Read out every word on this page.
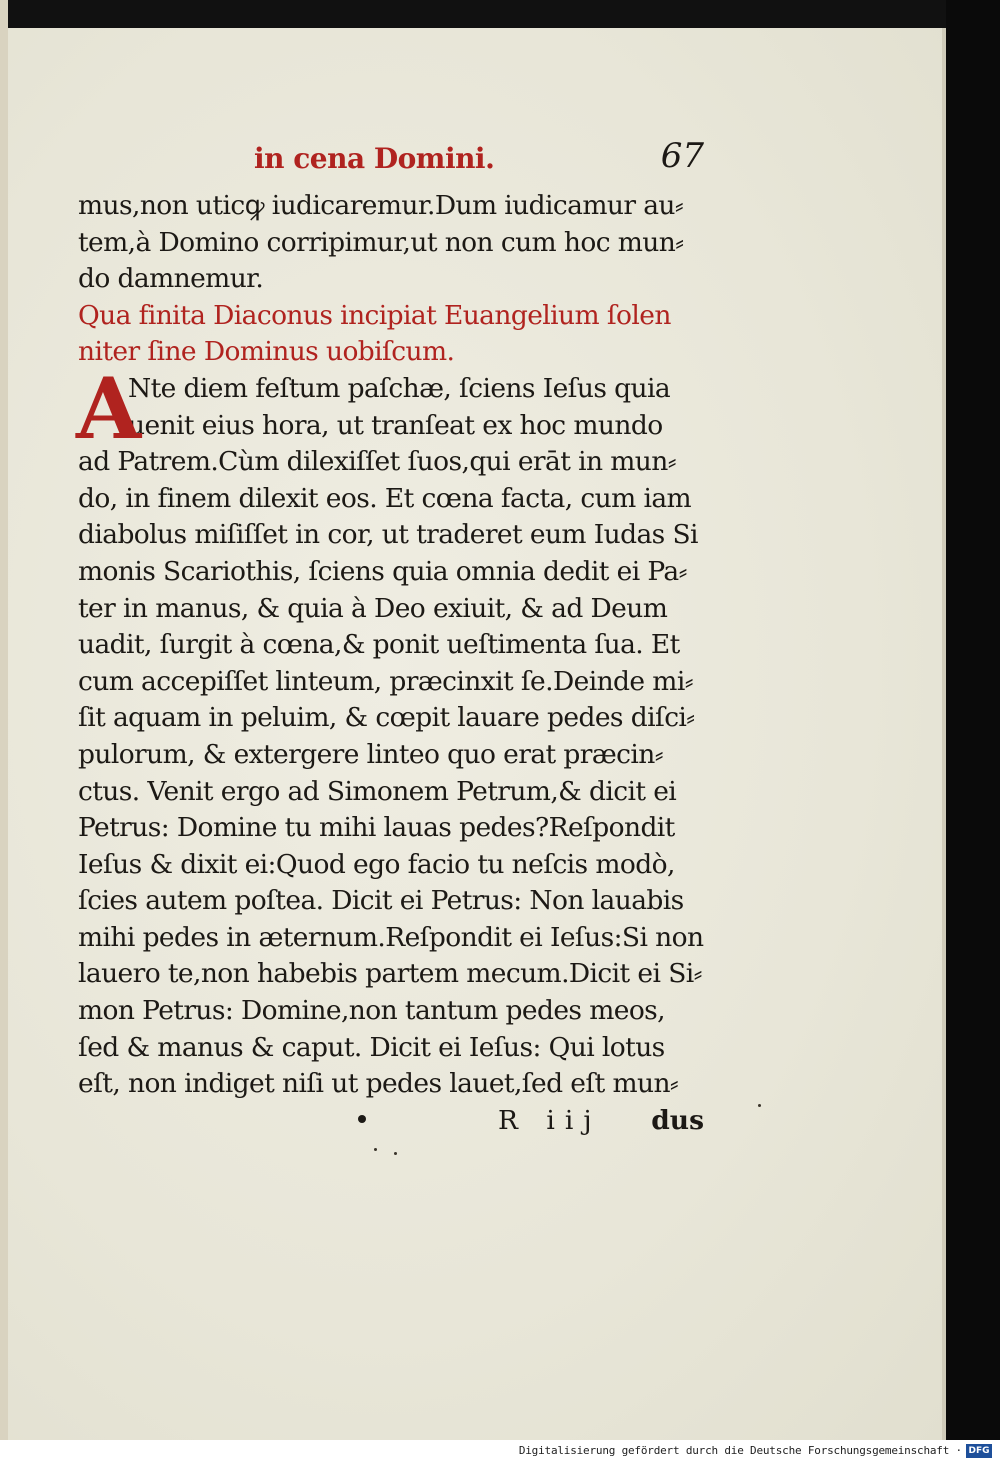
in cena Domini.	67
mus,non uticꝙ iudicaremur.Dum iudicamur au⸗
tem,à Domino corripimur,ut non cum hoc mun⸗
do damnemur.
Qua finita Diaconus incipiat Euangelium ſolen
niter ſine Dominus uobiſcum.
A
Nte diem feſtum paſchæ, ſciens Ieſus quia
uenit eius hora, ut tranſeat ex hoc mundo
ad Patrem.Cùm dilexiſſet ſuos,qui erāt in mun⸗
do, in finem dilexit eos. Et cœna facta, cum iam
diabolus miſiſſet in cor, ut traderet eum Iudas Si
monis Scariothis, ſciens quia omnia dedit ei Pa⸗
ter in manus, & quia à Deo exiuit, & ad Deum
uadit, ſurgit à cœna,& ponit ueſtimenta ſua. Et
cum accepiſſet linteum, præcinxit ſe.Deinde mi⸗
ſit aquam in peluim, & cœpit lauare pedes diſci⸗
pulorum, & extergere linteo quo erat præcin⸗
ctus. Venit ergo ad Simonem Petrum,& dicit ei
Petrus: Domine tu mihi lauas pedes?Reſpondit
Ieſus & dixit ei:Quod ego facio tu neſcis modò,
ſcies autem poſtea. Dicit ei Petrus: Non lauabis
mihi pedes in æternum.Reſpondit ei Ieſus:Si non
lauero te,non habebis partem mecum.Dicit ei Si⸗
mon Petrus: Domine,non tantum pedes meos,
ſed & manus & caput. Dicit ei Ieſus: Qui lotus
eſt, non indiget niſi ut pedes lauet,ſed eſt mun⸗
R iij dus
Digitalisierung gefördert durch die Deutsche Forschungsgemeinschaft · DFG
